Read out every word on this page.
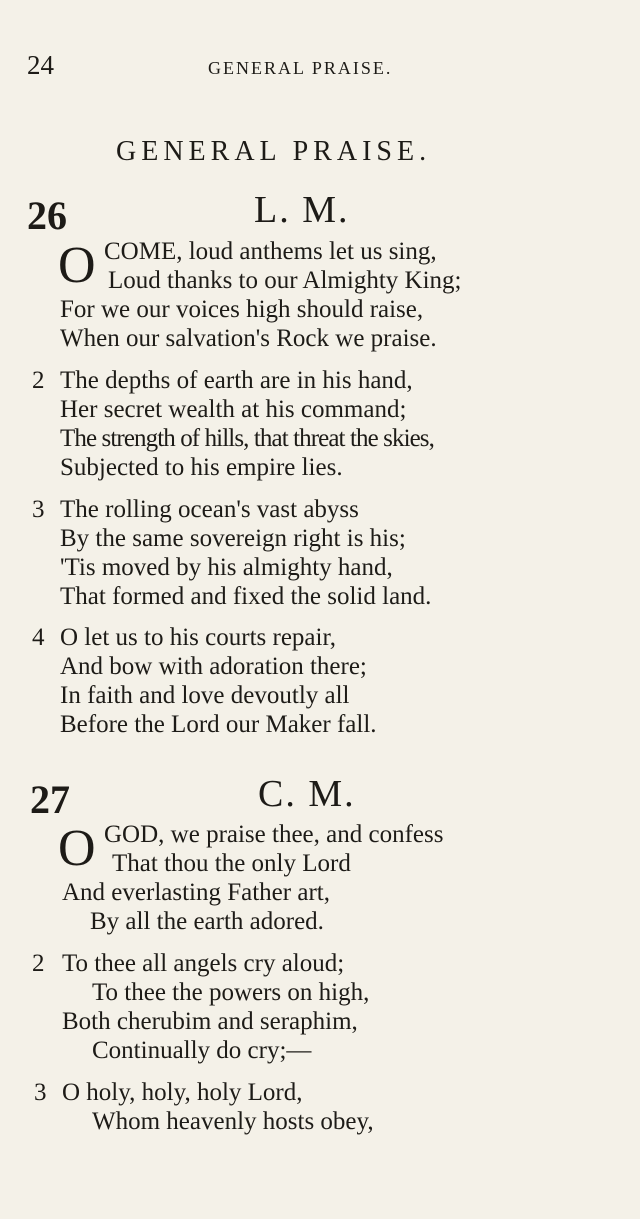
24	GENERAL PRAISE.
GENERAL PRAISE.
26	L. M.
O COME, loud anthems let us sing,
Loud thanks to our Almighty King;
For we our voices high should raise,
When our salvation's Rock we praise.
2 The depths of earth are in his hand,
Her secret wealth at his command;
The strength of hills, that threat the skies,
Subjected to his empire lies.
3 The rolling ocean's vast abyss
By the same sovereign right is his;
'Tis moved by his almighty hand,
That formed and fixed the solid land.
4 O let us to his courts repair,
And bow with adoration there;
In faith and love devoutly all
Before the Lord our Maker fall.
27	C. M.
O GOD, we praise thee, and confess
That thou the only Lord
And everlasting Father art,
By all the earth adored.
2 To thee all angels cry aloud;
To thee the powers on high,
Both cherubim and seraphim,
Continually do cry;—
3 O holy, holy, holy Lord,
Whom heavenly hosts obey,
